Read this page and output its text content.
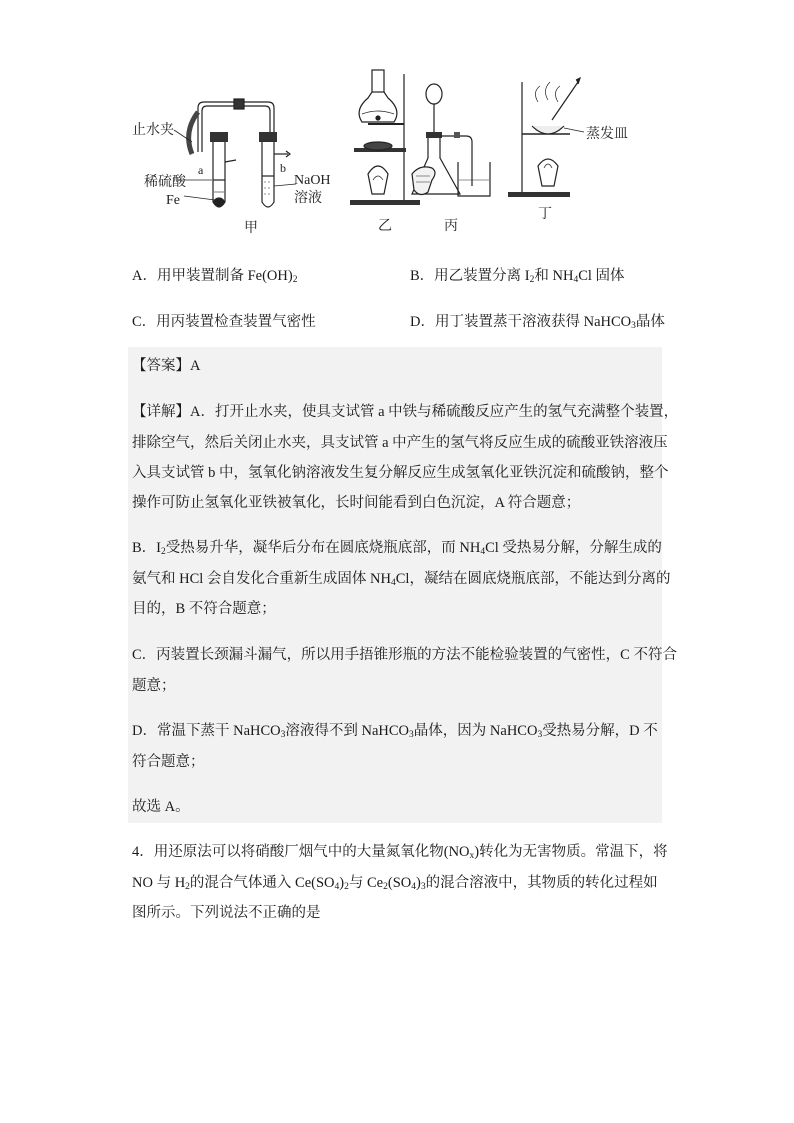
止水夹
稀硫酸
Fe
a	b
NaOH
溶液
甲	乙	丙
蒸发皿
丁
A．用甲装置制备 $Fe(OH)_2$	B．用乙装置分离 $I_2$和 $NH_4Cl$ 固体
C．用丙装置检查装置气密性	D．用丁装置蒸干溶液获得 NaHCO$_3$晶体
【答案】A
【详解】A．打开止水夹，使具支试管 a 中铁与稀硫酸反应产生的氢气充满整个装置，
排除空气，然后关闭止水夹，具支试管 a 中产生的氢气将反应生成的硫酸亚铁溶液压
入具支试管 b 中，氢氧化钠溶液发生复分解反应生成氢氧化亚铁沉淀和硫酸钠，整个
操作可防止氢氧化亚铁被氧化，长时间能看到白色沉淀，A 符合题意；
B．$I_2$受热易升华，凝华后分布在圆底烧瓶底部，而 $NH_4Cl$ 受热易分解，分解生成的
氨气和 HCl 会自发化合重新生成固体 $NH_4Cl$，凝结在圆底烧瓶底部，不能达到分离的
目的，B 不符合题意；
C．丙装置长颈漏斗漏气，所以用手捂锥形瓶的方法不能检验装置的气密性，C 不符合
题意；
D．常温下蒸干 NaHCO$_3$溶液得不到 NaHCO$_3$晶体，因为 NaHCO$_3$受热易分解，D 不
符合题意；
故选 A。
4．用还原法可以将硝酸厂烟气中的大量氮氧化物$(NO_x)$转化为无害物质。常温下，将
NO 与 $H_2$的混合气体通入 $Ce(SO_4)_2$与 $Ce_2(SO_4)_3$的混合溶液中，其物质的转化过程如
图所示。下列说法不正确的是
